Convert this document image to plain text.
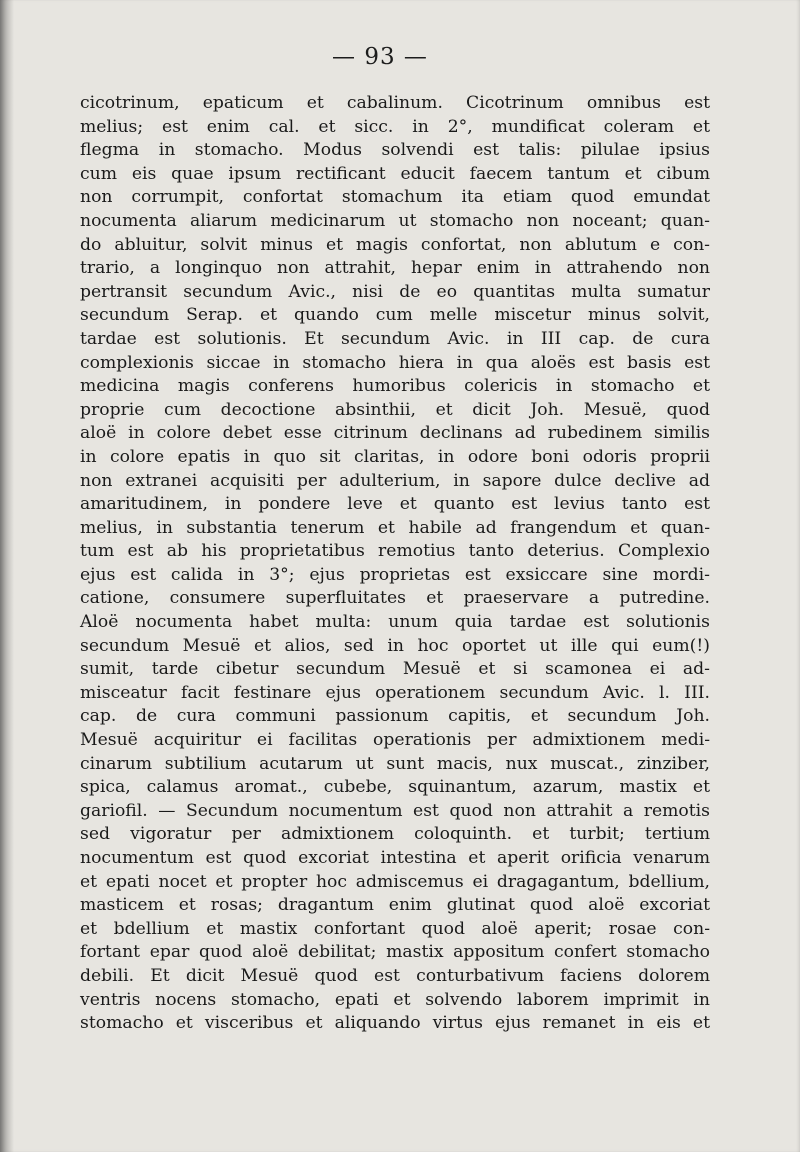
— 93 —
cicotrinum, epaticum et cabalinum. Cicotrinum omnibus est
melius; est enim cal. et sicc. in 2°, mundificat coleram et
flegma in stomacho. Modus solvendi est talis: pilulae ipsius
cum eis quae ipsum rectificant educit faecem tantum et cibum
non corrumpit, confortat stomachum ita etiam quod emundat
nocumenta aliarum medicinarum ut stomacho non noceant; quan-
do abluitur, solvit minus et magis confortat, non ablutum e con-
trario, a longinquo non attrahit, hepar enim in attrahendo non
pertransit secundum Avic., nisi de eo quantitas multa sumatur
secundum Serap. et quando cum melle miscetur minus solvit,
tardae est solutionis. Et secundum Avic. in III cap. de cura
complexionis siccae in stomacho hiera in qua aloës est basis est
medicina magis conferens humoribus colericis in stomacho et
proprie cum decoctione absinthii, et dicit Joh. Mesuë, quod
aloë in colore debet esse citrinum declinans ad rubedinem similis
in colore epatis in quo sit claritas, in odore boni odoris proprii
non extranei acquisiti per adulterium, in sapore dulce declive ad
amaritudinem, in pondere leve et quanto est levius tanto est
melius, in substantia tenerum et habile ad frangendum et quan-
tum est ab his proprietatibus remotius tanto deterius. Complexio
ejus est calida in 3°; ejus proprietas est exsiccare sine mordi-
catione, consumere superfluitates et praeservare a putredine.
Aloë nocumenta habet multa: unum quia tardae est solutionis
secundum Mesuë et alios, sed in hoc oportet ut ille qui eum(!)
sumit, tarde cibetur secundum Mesuë et si scamonea ei ad-
misceatur facit festinare ejus operationem secundum Avic. l. III.
cap. de cura communi passionum capitis, et secundum Joh.
Mesuë acquiritur ei facilitas operationis per admixtionem medi-
cinarum subtilium acutarum ut sunt macis, nux muscat., zinziber,
spica, calamus aromat., cubebe, squinantum, azarum, mastix et
gariofil. — Secundum nocumentum est quod non attrahit a remotis
sed vigoratur per admixtionem coloquinth. et turbit; tertium
nocumentum est quod excoriat intestina et aperit orificia venarum
et epati nocet et propter hoc admiscemus ei dragagantum, bdellium,
masticem et rosas; dragantum enim glutinat quod aloë excoriat
et bdellium et mastix confortant quod aloë aperit; rosae con-
fortant epar quod aloë debilitat; mastix appositum confert stomacho
debili. Et dicit Mesuë quod est conturbativum faciens dolorem
ventris nocens stomacho, epati et solvendo laborem imprimit in
stomacho et visceribus et aliquando virtus ejus remanet in eis et
